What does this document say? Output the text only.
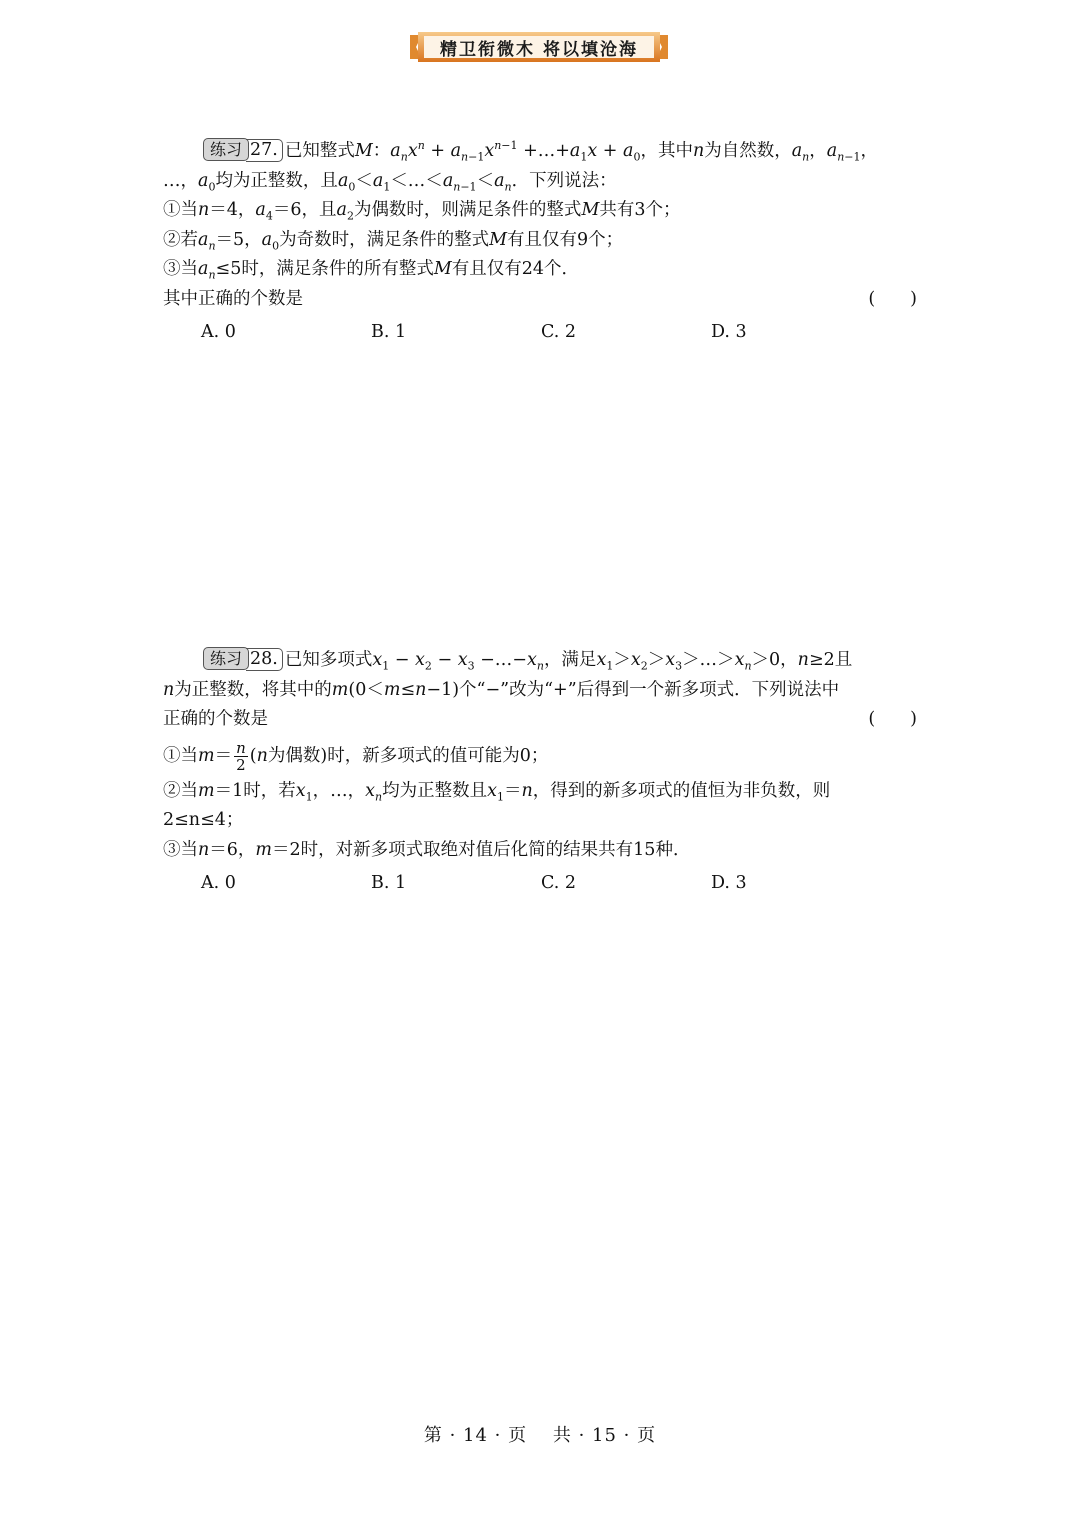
精卫衔微木 将以填沧海
练习 27. 已知整式M：$a_nx^n + a_{n-1}x^{n-1}$ $+\dots+a_1x + a_0$，其中n为自然数，$a_n$，$a_{n-1}$，
…，$a_0$均为正整数，且$a_0<a_1<\dots<a_{n-1}<a_n$．下列说法：
①当n＝4，$a_4=6$，且$a_2$为偶数时，则满足条件的整式M共有3个；
②若$a_n=5$，$a_0$为奇数时，满足条件的整式M有且仅有9个；
③当$a_n\le 5$时，满足条件的所有整式M有且仅有24个．
其中正确的个数是	(　　)
A. 0	B. 1	C. 2	D. 3
练习 28. 已知多项式$x_1 - x_2 - x_3$ $-\dots-x_n$，满足$x_1>x_2>x_3>\dots>x_n>0$，n≥2且
n为正整数，将其中的m(0＜m≤n−1)个“−”改为“+”后得到一个新多项式．下列说法中
正确的个数是	(　　)
①当$m= \frac{n}{2} (n$为偶数)时，新多项式的值可能为0；
②当m＝1时，若$x_1$，…，$x_n$均为正整数且$x_1=n$，得到的新多项式的值恒为非负数，则
2≤n≤4；
③当n＝6，m＝2时，对新多项式取绝对值后化简的结果共有15种．
A. 0	B. 1	C. 2	D. 3
第 · 14 · 页　 共 · 15 · 页
